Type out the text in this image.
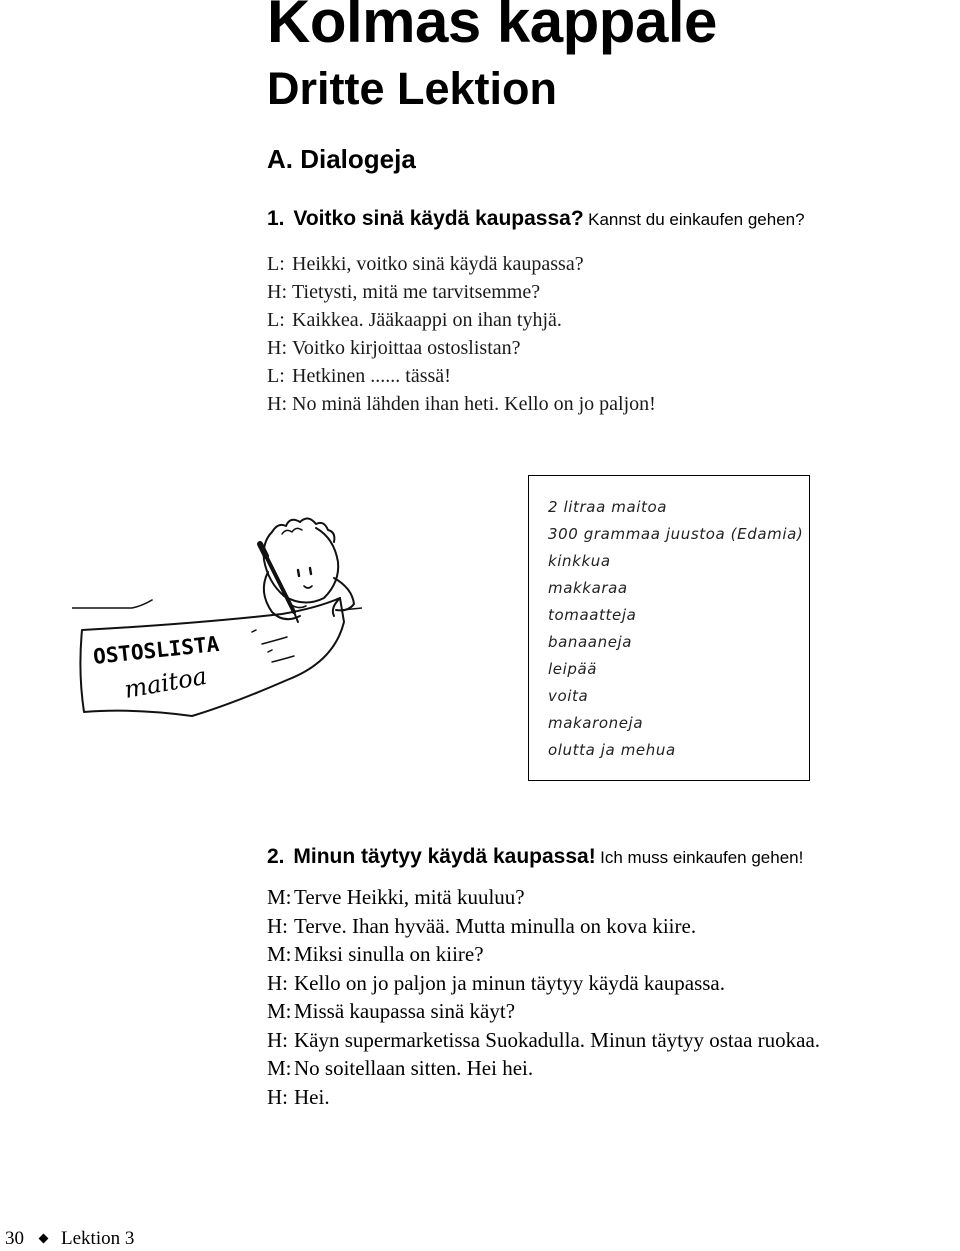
Kolmas kappale
Dritte Lektion
A. Dialogeja
1. Voitko sinä käydä kaupassa? Kannst du einkaufen gehen?
L: Heikki, voitko sinä käydä kaupassa?
H: Tietysti, mitä me tarvitsemme?
L: Kaikkea. Jääkaappi on ihan tyhjä.
H: Voitko kirjoittaa ostoslistan?
L: Hetkinen ...... tässä!
H: No minä lähden ihan heti. Kello on jo paljon!
OSTOSLISTA
maitoa
2 litraa maitoa
300 grammaa juustoa (Edamia)
kinkkua
makkaraa
tomaatteja
banaaneja
leipää
voita
makaroneja
olutta ja mehua
2. Minun täytyy käydä kaupassa! Ich muss einkaufen gehen!
M: Terve Heikki, mitä kuuluu?
H: Terve. Ihan hyvää. Mutta minulla on kova kiire.
M: Miksi sinulla on kiire?
H: Kello on jo paljon ja minun täytyy käydä kaupassa.
M: Missä kaupassa sinä käyt?
H: Käyn supermarketissa Suokadulla. Minun täytyy ostaa ruokaa.
M: No soitellaan sitten. Hei hei.
H: Hei.
30 Lektion 3
